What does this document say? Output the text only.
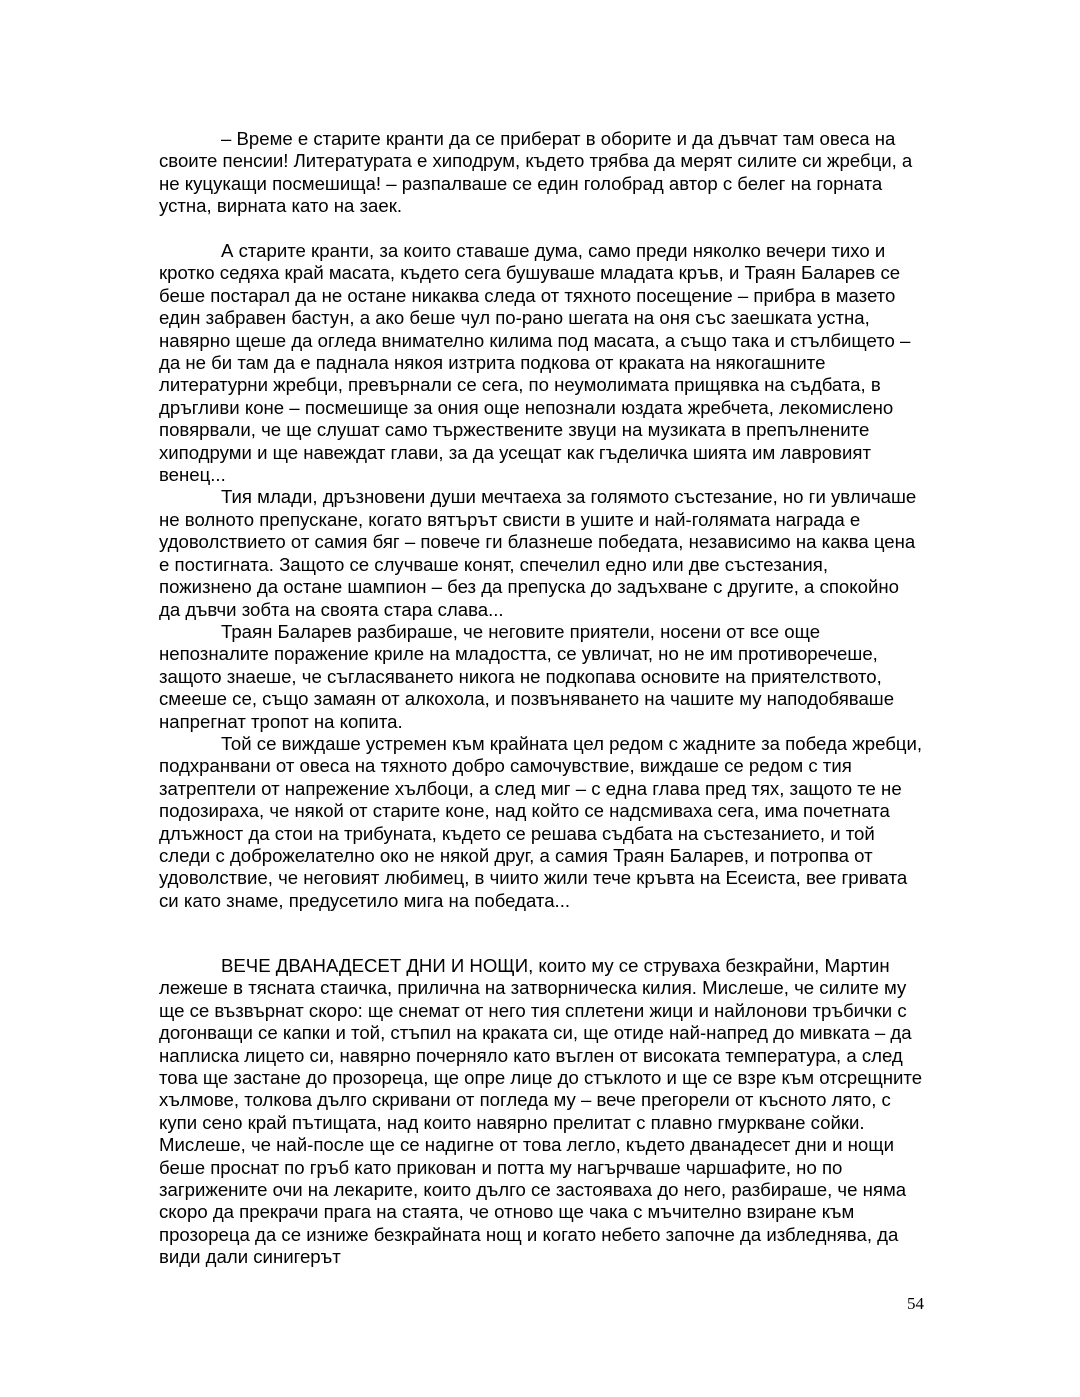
– Време е старите кранти да се приберат в оборите и да дъвчат там овеса на своите пенсии! Литературата е хиподрум, където трябва да мерят силите си жребци, а не куцукащи посмешища! – разпалваше се един голобрад автор с белег на горната устна, вирната като на заек.

А старите кранти, за които ставаше дума, само преди няколко вечери тихо и кротко седяха край масата, където сега бушуваше младата кръв, и Траян Баларев се беше постарал да не остане никаква следа от тяхното посещение – прибра в мазето един забравен бастун, а ако беше чул по-рано шегата на оня със заешката устна, навярно щеше да огледа внимателно килима под масата, а също така и стълбището – да не би там да е паднала някоя изтрита подкова от краката на някогашните литературни жребци, превърнали се сега, по неумолимата прищявка на съдбата, в дръгливи коне – посмешище за ония още непознали юздата жребчета, лекомислено повярвали, че ще слушат само тържествените звуци на музиката в препълнените хиподруми и ще навеждат глави, за да усещат как гъделичка шията им лавровият венец...

Тия млади, дръзновени души мечтаеха за голямото състезание, но ги увличаше не волното препускане, когато вятърът свисти в ушите и най-голямата награда е удоволствието от самия бяг – повече ги блазнеше победата, независимо на каква цена е постигната. Защото се случваше конят, спечелил едно или две състезания, пожизнено да остане шампион – без да препуска до задъхване с другите, а спокойно да дъвчи зобта на своята стара слава...

Траян Баларев разбираше, че неговите приятели, носени от все още непозналите поражение криле на младостта, се увличат, но не им противоречеше, защото знаеше, че съгласяването никога не подкопава основите на приятелството, смееше се, също замаян от алкохола, и позвъняването на чашите му наподобяваше напрегнат тропот на копита.

Той се виждаше устремен към крайната цел редом с жадните за победа жребци, подхранвани от овеса на тяхното добро самочувствие, виждаше се редом с тия затрептели от напрежение хълбоци, а след миг – с една глава пред тях, защото те не подозираха, че някой от старите коне, над който се надсмиваха сега, има почетната длъжност да стои на трибуната, където се решава съдбата на състезанието, и той следи с доброжелателно око не някой друг, а самия Траян Баларев, и потропва от удоволствие, че неговият любимец, в чиито жили тече кръвта на Есеиста, вее гривата си като знаме, предусетило мига на победата...

ВЕЧЕ ДВАНАДЕСЕТ ДНИ И НОЩИ, които му се струваха безкрайни, Мартин лежеше в тясната стаичка, прилична на затворническа килия. Мислеше, че силите му ще се възвърнат скоро: ще снемат от него тия сплетени жици и найлонови тръбички с догонващи се капки и той, стъпил на краката си, ще отиде най-напред до мивката – да наплиска лицето си, навярно почерняло като въглен от високата температура, а след това ще застане до прозореца, ще опре лице до стъклото и ще се взре към отсрещните хълмове, толкова дълго скривани от погледа му – вече прегорели от късното лято, с купи сено край пътищата, над които навярно прелитат с плавно гмуркване сойки. Мислеше, че най-после ще се надигне от това легло, където дванадесет дни и нощи беше проснат по гръб като прикован и потта му нагърчваше чаршафите, но по загрижените очи на лекарите, които дълго се застояваха до него, разбираше, че няма скоро да прекрачи прага на стаята, че отново ще чака с мъчително взиране към прозореца да се изниже безкрайната нощ и когато небето започне да избледнява, да види дали синигерът

54
